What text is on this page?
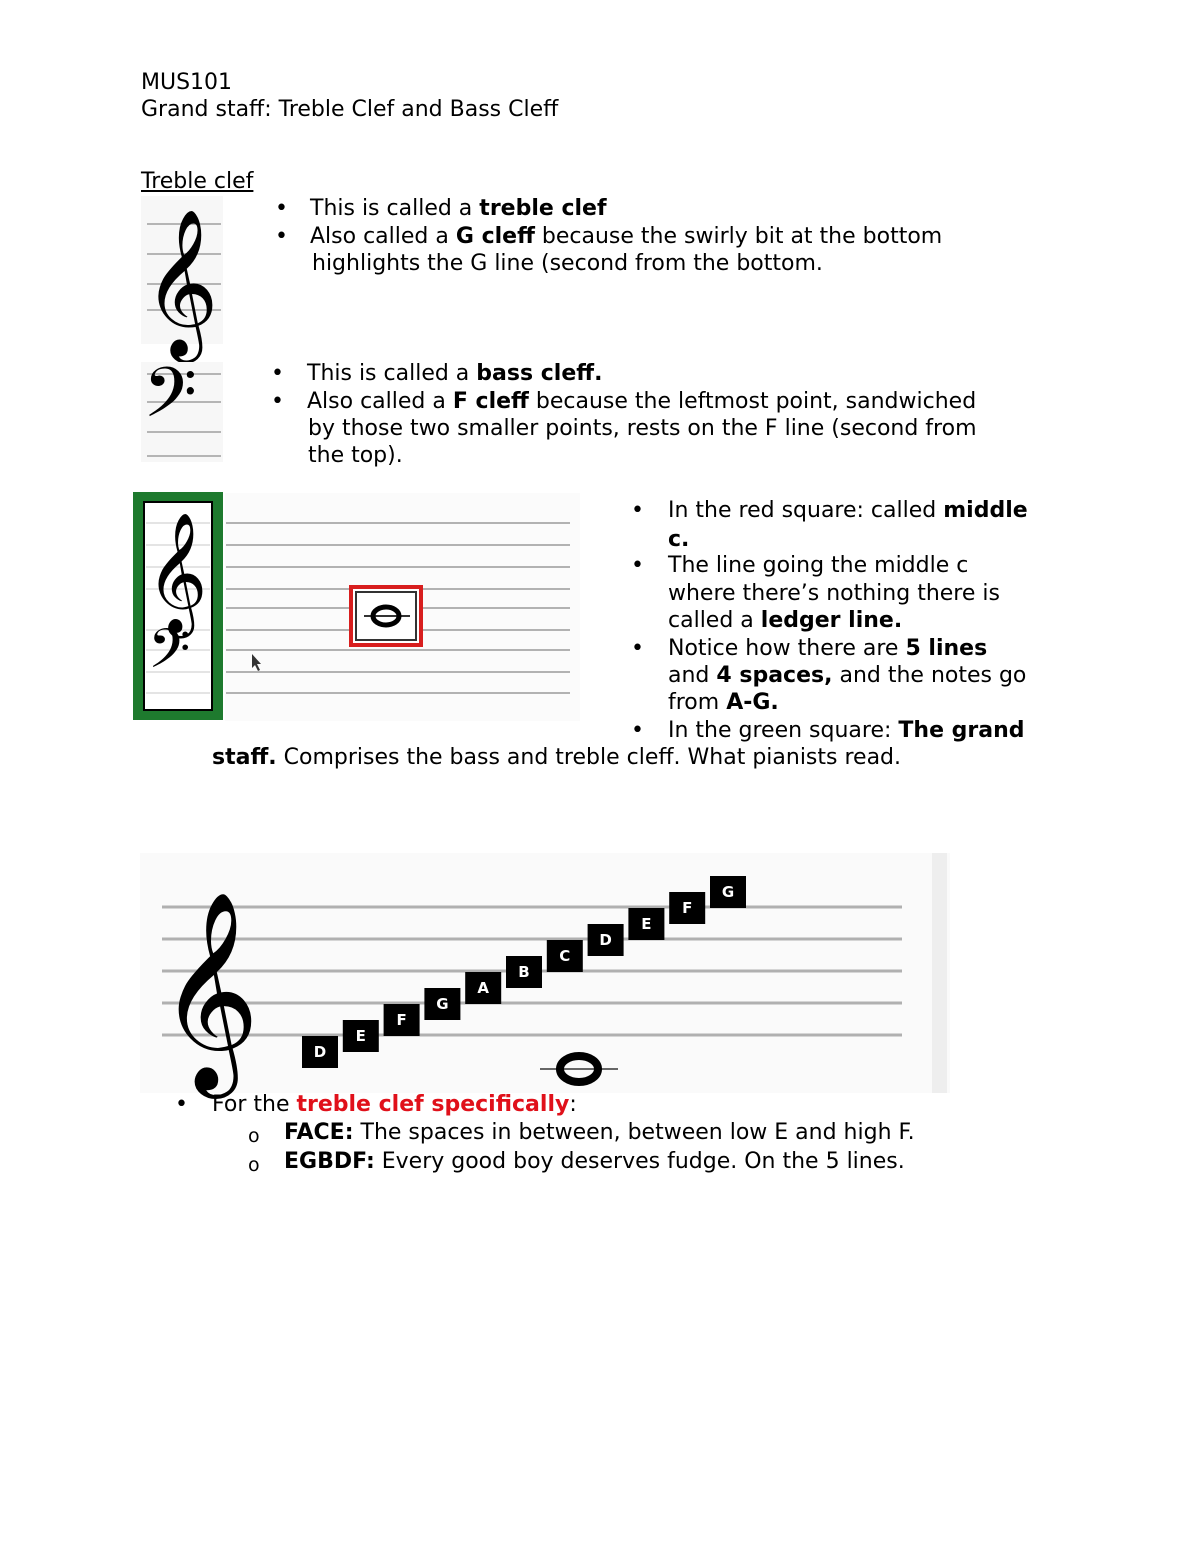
MUS101
Grand staff: Treble Clef and Bass Cleff
Treble clef
𝄞	• This is called a treble clef
• Also called a G cleff because the swirly bit at the bottom
highlights the G line (second from the bottom.
𝄢	• This is called a bass cleff.
• Also called a F cleff because the leftmost point, sandwiched
by those two smaller points, rests on the F line (second from
the top).
𝄞
𝄢
• In the red square: called middle
c.
• The line going the middle c
where there’s nothing there is
called a ledger line.
• Notice how there are 5 lines
and 4 spaces, and the notes go
from A-G.
• In the green square: The grand
staff. Comprises the bass and treble cleff. What pianists read.
𝄞	D
E
F
G
A
B
C
D
E
F
G
• For the treble clef specifically:
o FACE: The spaces in between, between low E and high F.
o EGBDF: Every good boy deserves fudge. On the 5 lines.
